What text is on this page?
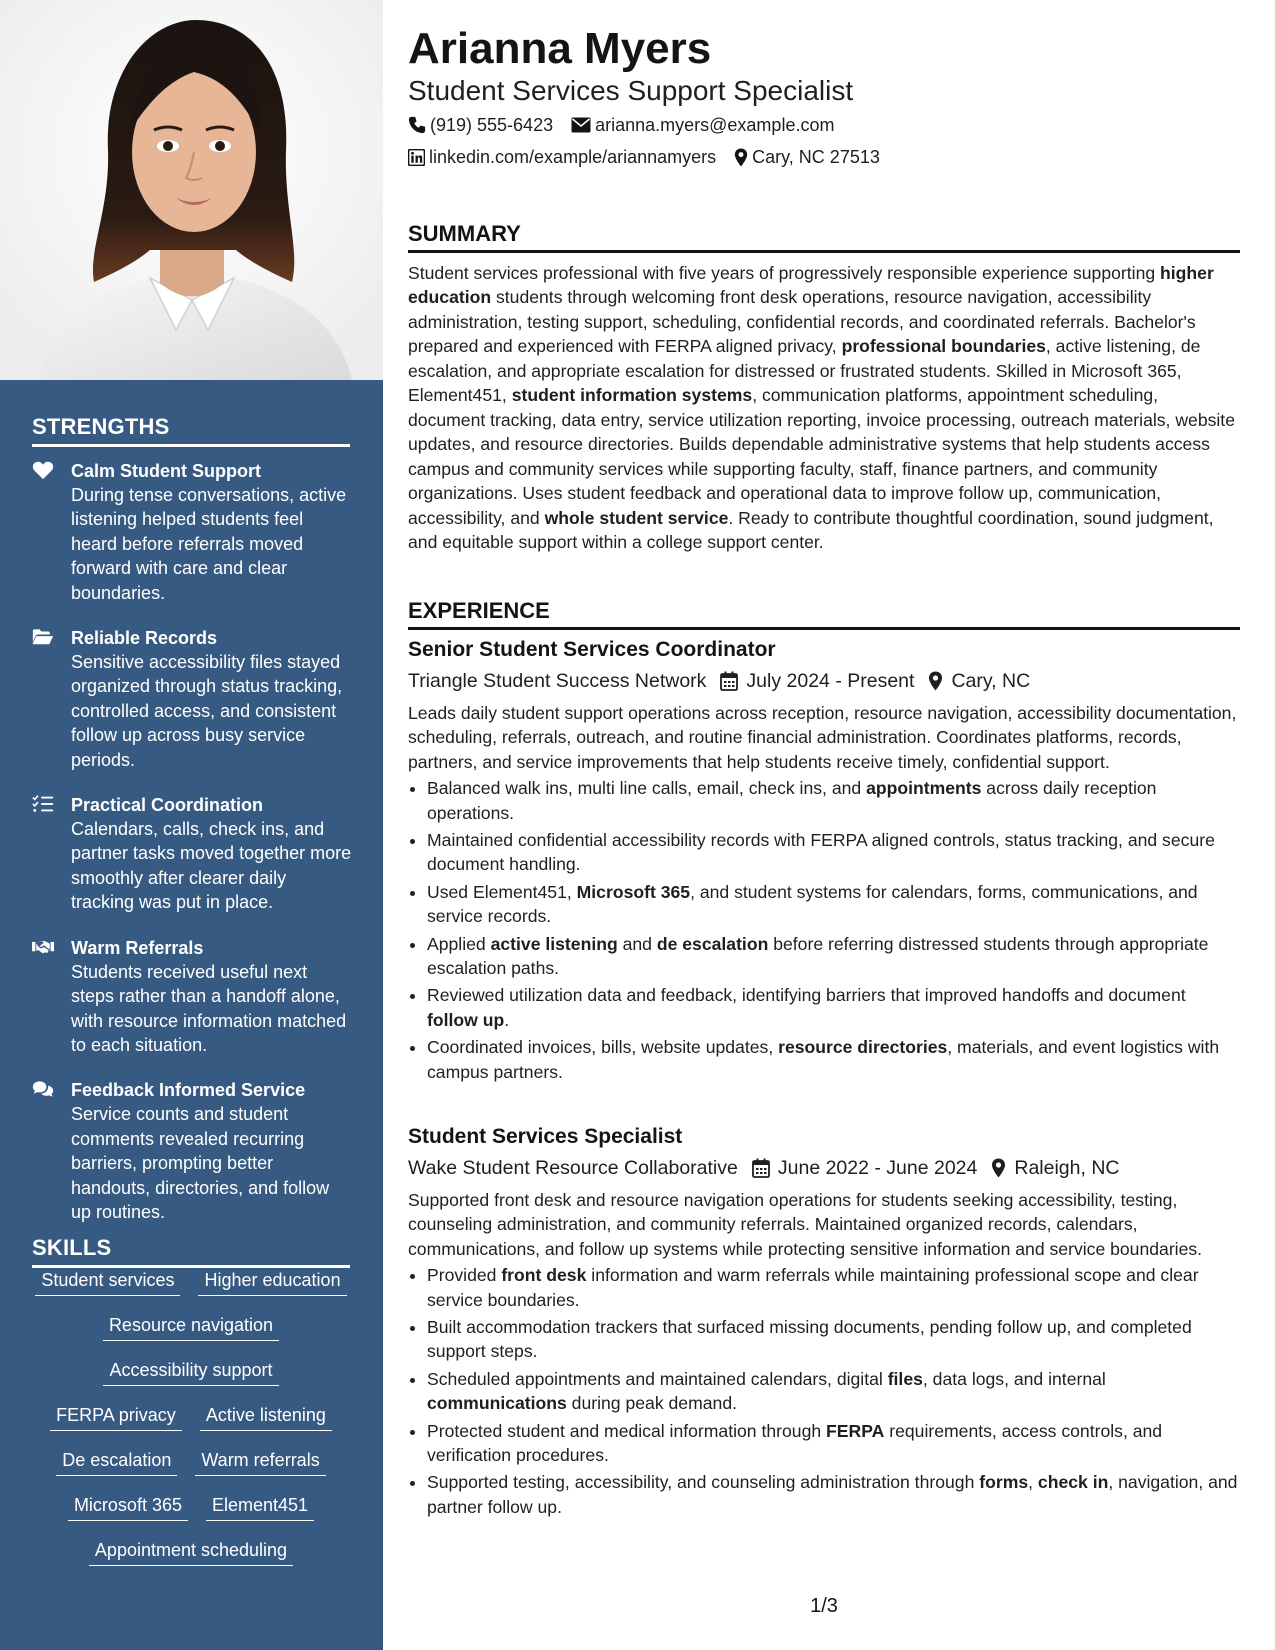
STRENGTHS
Calm Student Support
During tense conversations, active listening helped students feel heard before referrals moved forward with care and clear boundaries.
Reliable Records
Sensitive accessibility files stayed organized through status tracking, controlled access, and consistent follow up across busy service periods.
Practical Coordination
Calendars, calls, check ins, and partner tasks moved together more smoothly after clearer daily tracking was put in place.
Warm Referrals
Students received useful next steps rather than a handoff alone, with resource information matched to each situation.
Feedback Informed Service
Service counts and student comments revealed recurring barriers, prompting better handouts, directories, and follow up routines.
SKILLS
Student services	Higher education
Resource navigation
Accessibility support
FERPA privacy	Active listening
De escalation	Warm referrals
Microsoft 365	Element451
Appointment scheduling
Arianna Myers
Student Services Support Specialist
(919) 555-6423 arianna.myers@example.com
linkedin.com/example/ariannamyers Cary, NC 27513
SUMMARY
Student services professional with five years of progressively responsible experience supporting higher education students through welcoming front desk operations, resource navigation, accessibility administration, testing support, scheduling, confidential records, and coordinated referrals. Bachelor's prepared and experienced with FERPA aligned privacy, professional boundaries, active listening, de escalation, and appropriate escalation for distressed or frustrated students. Skilled in Microsoft 365, Element451, student information systems, communication platforms, appointment scheduling, document tracking, data entry, service utilization reporting, invoice processing, outreach materials, website updates, and resource directories. Builds dependable administrative systems that help students access campus and community services while supporting faculty, staff, finance partners, and community organizations. Uses student feedback and operational data to improve follow up, communication, accessibility, and whole student service. Ready to contribute thoughtful coordination, sound judgment, and equitable support within a college support center.
EXPERIENCE
Senior Student Services Coordinator
Triangle Student Success Network July 2024 - Present Cary, NC
Leads daily student support operations across reception, resource navigation, accessibility documentation, scheduling, referrals, outreach, and routine financial administration. Coordinates platforms, records, partners, and service improvements that help students receive timely, confidential support.
• Balanced walk ins, multi line calls, email, check ins, and appointments across daily reception operations.
• Maintained confidential accessibility records with FERPA aligned controls, status tracking, and secure document handling.
• Used Element451, Microsoft 365, and student systems for calendars, forms, communications, and service records.
• Applied active listening and de escalation before referring distressed students through appropriate escalation paths.
• Reviewed utilization data and feedback, identifying barriers that improved handoffs and document follow up.
• Coordinated invoices, bills, website updates, resource directories, materials, and event logistics with campus partners.
Student Services Specialist
Wake Student Resource Collaborative June 2022 - June 2024 Raleigh, NC
Supported front desk and resource navigation operations for students seeking accessibility, testing, counseling administration, and community referrals. Maintained organized records, calendars, communications, and follow up systems while protecting sensitive information and service boundaries.
• Provided front desk information and warm referrals while maintaining professional scope and clear service boundaries.
• Built accommodation trackers that surfaced missing documents, pending follow up, and completed support steps.
• Scheduled appointments and maintained calendars, digital files, data logs, and internal communications during peak demand.
• Protected student and medical information through FERPA requirements, access controls, and verification procedures.
• Supported testing, accessibility, and counseling administration through forms, check in, navigation, and partner follow up.
1/3
